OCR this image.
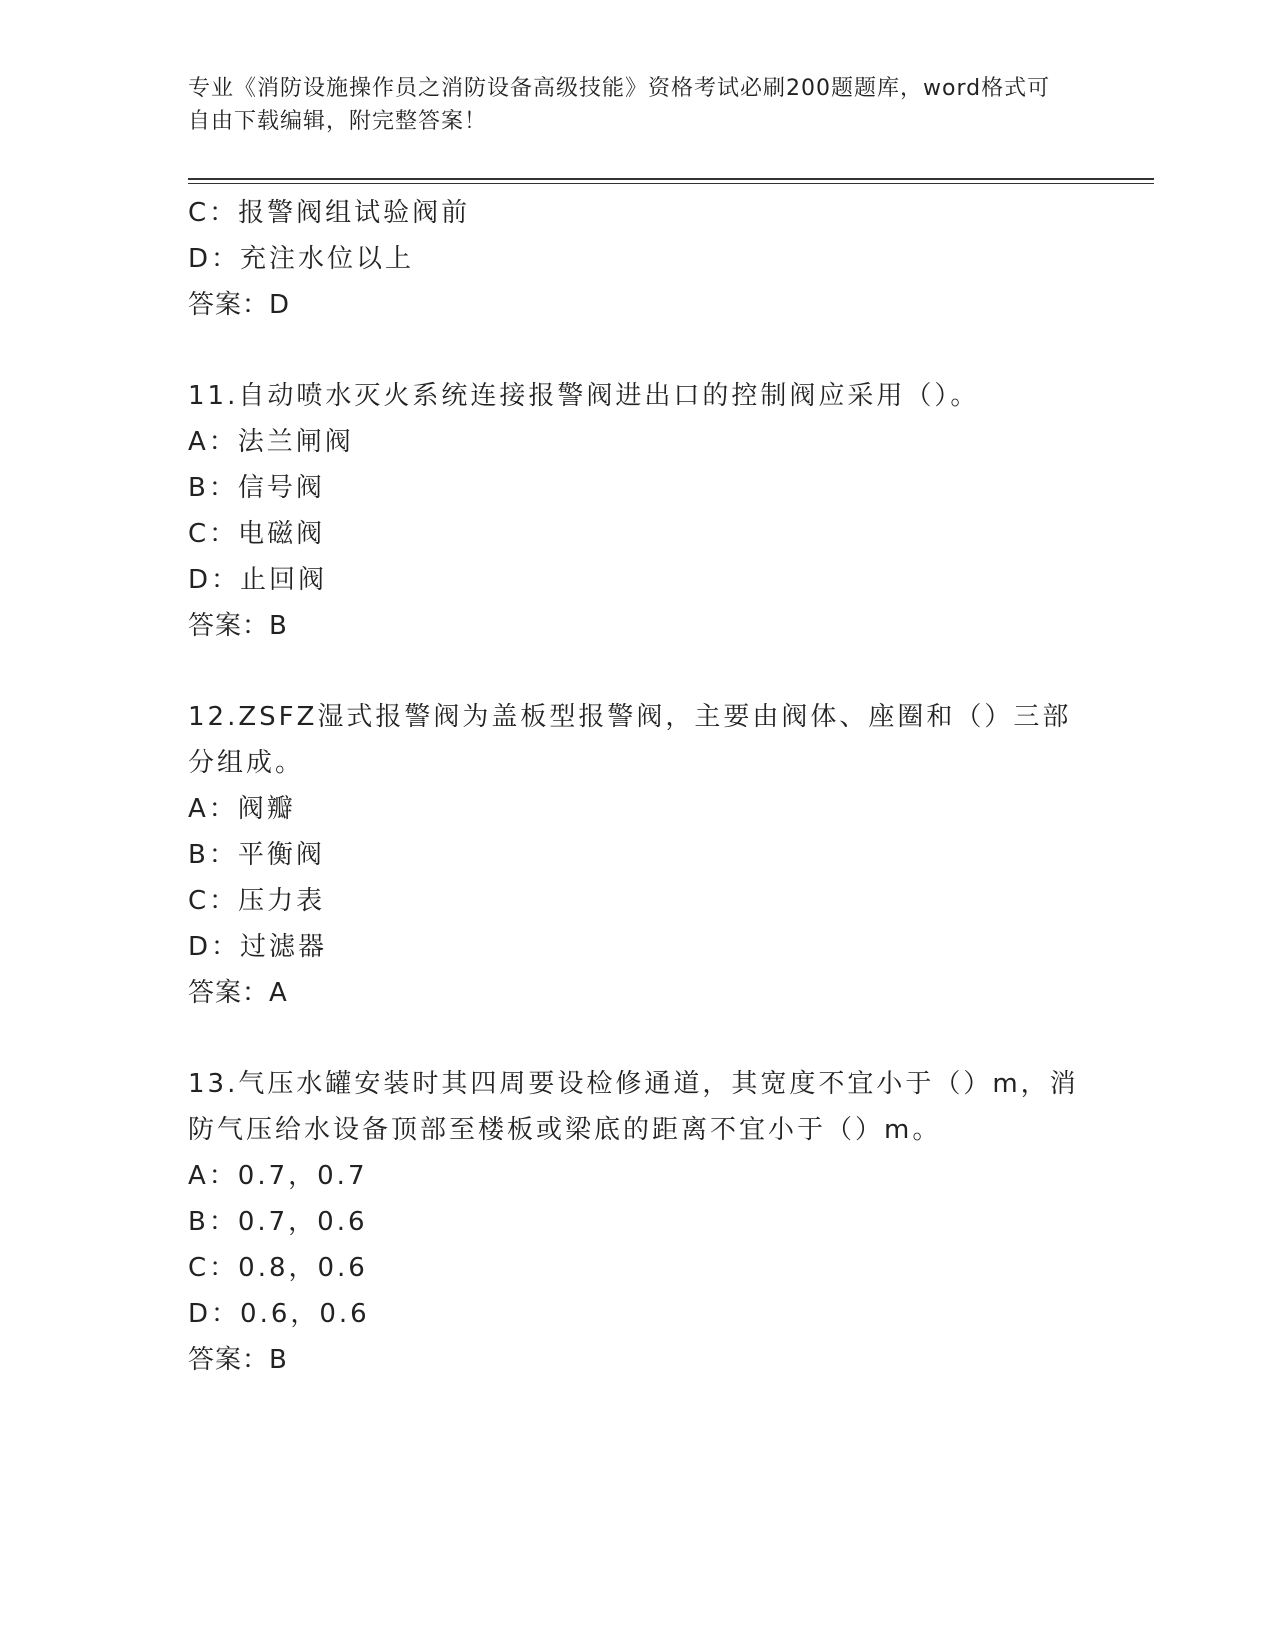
专业《消防设施操作员之消防设备高级技能》资格考试必刷200题题库，word格式可自由下载编辑，附完整答案！
C：报警阀组试验阀前
D：充注水位以上
答案：D
11.自动喷水灭火系统连接报警阀进出口的控制阀应采用（）。
A：法兰闸阀
B：信号阀
C：电磁阀
D：止回阀
答案：B
12.ZSFZ湿式报警阀为盖板型报警阀，主要由阀体、座圈和（）三部分组成。
A：阀瓣
B：平衡阀
C：压力表
D：过滤器
答案：A
13.气压水罐安装时其四周要设检修通道，其宽度不宜小于（）m，消防气压给水设备顶部至楼板或梁底的距离不宜小于（）m。
A：0.7，0.7
B：0.7，0.6
C：0.8，0.6
D：0.6，0.6
答案：B
